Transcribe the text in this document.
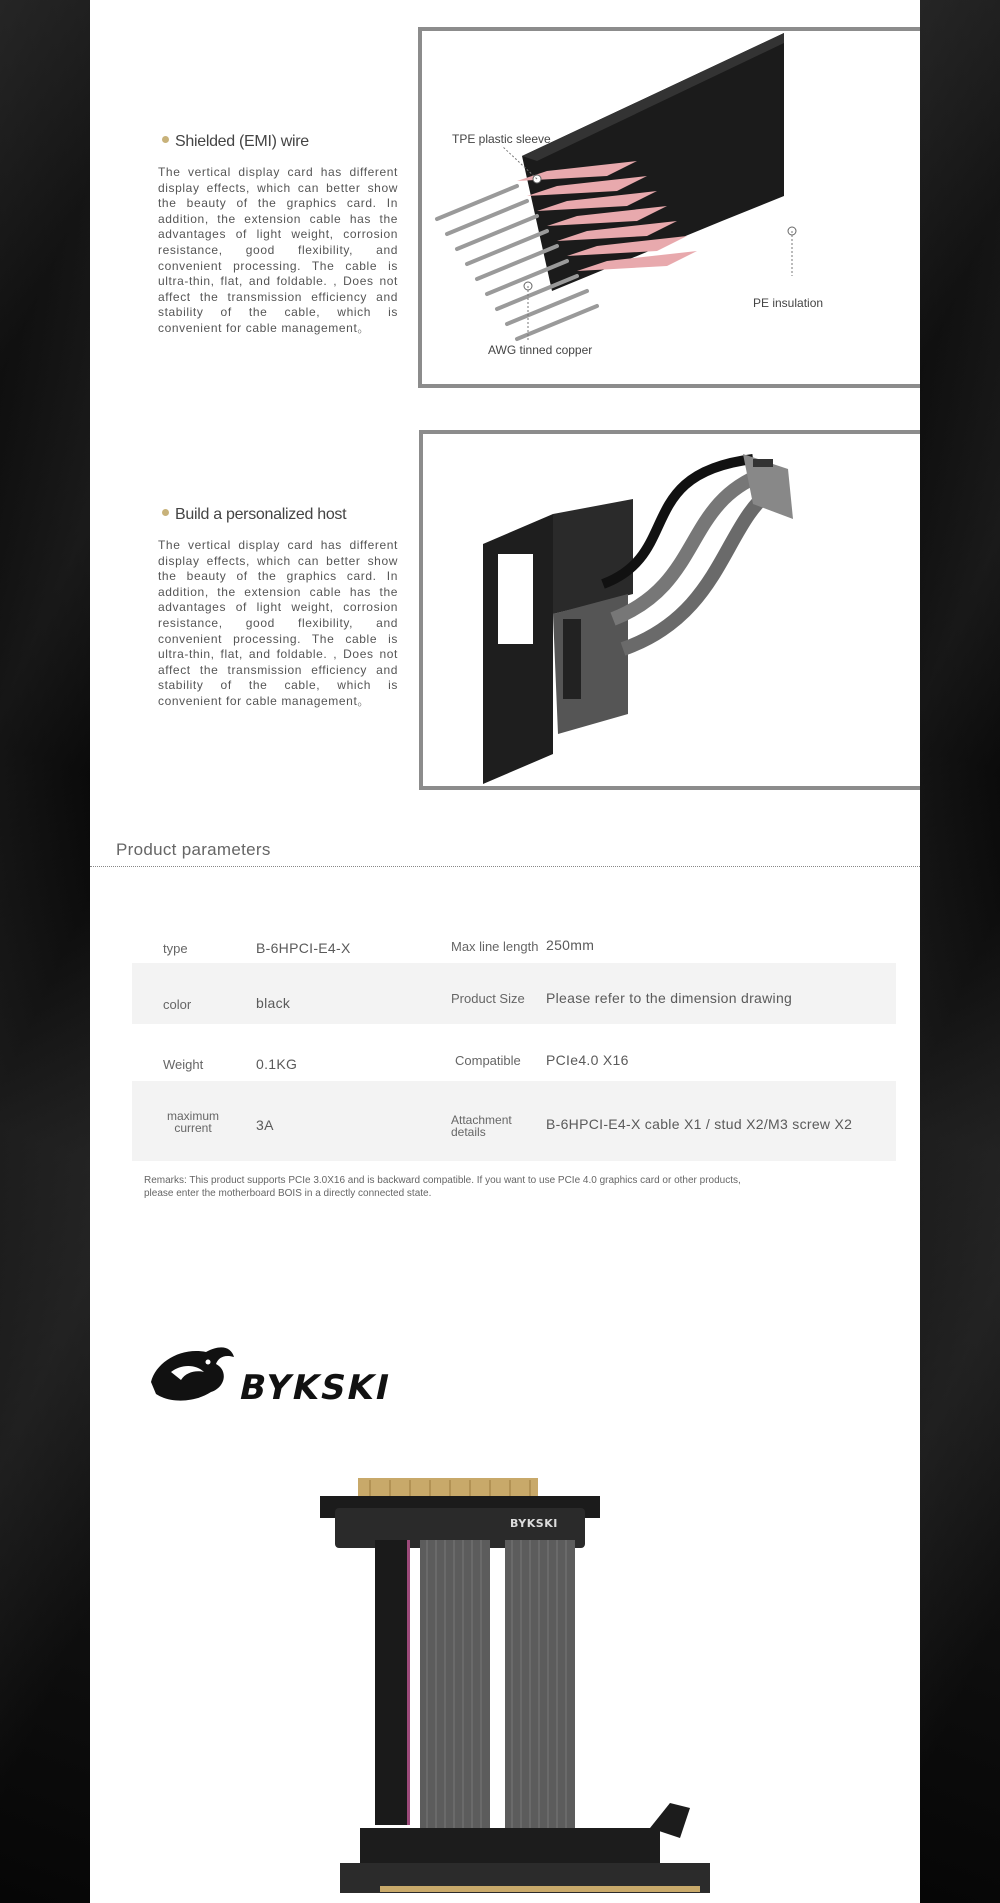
Shielded (EMI) wire
The vertical display card has different display effects, which can better show the beauty of the graphics card. In addition, the extension cable has the advantages of light weight, corrosion resistance, good flexibility, and convenient processing. The cable is ultra-thin, flat, and foldable. , Does not affect the transmission efficiency and stability of the cable, which is convenient for cable management。
TPE plastic sleeve
PE insulation
AWG tinned copper
Build a personalized host
The vertical display card has different display effects, which can better show the beauty of the graphics card. In addition, the extension cable has the advantages of light weight, corrosion resistance, good flexibility, and convenient processing. The cable is ultra-thin, flat, and foldable. , Does not affect the transmission efficiency and stability of the cable, which is convenient for cable management。
Product parameters
type	B-6HPCI-E4-X	Max line length 250mm
color	black	Product Size Please refer to the dimension drawing
Weight	0.1KG	Compatible PCIe4.0 X16
maximum current	3A	Attachment details	B-6HPCI-E4-X cable X1 / stud X2/M3 screw X2
Remarks: This product supports PCIe 3.0X16 and is backward compatible. If you want to use PCIe 4.0 graphics card or other products, please enter the motherboard BOIS in a directly connected state.
BYKSKI
BYKSKI
